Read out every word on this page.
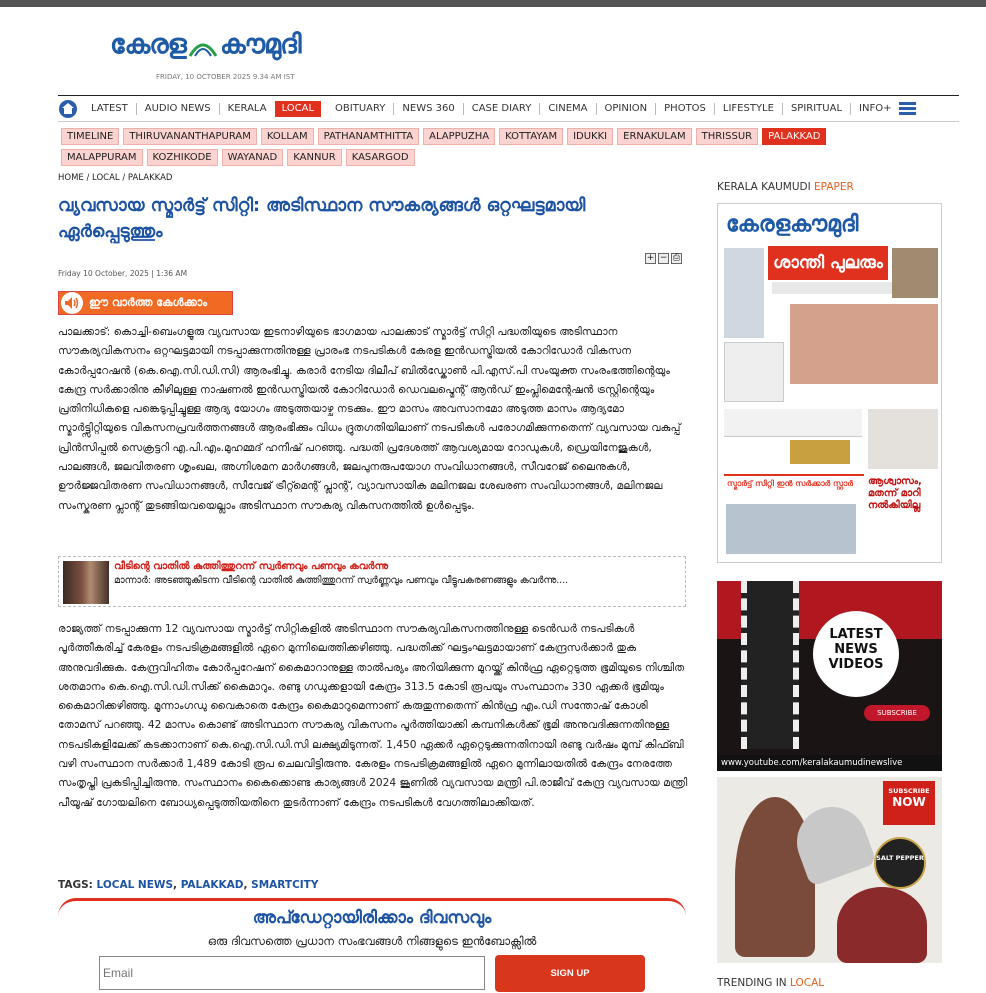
കേരള കൗമുദി
FRIDAY, 10 OCTOBER 2025 9.34 AM IST
LATEST	AUDIO NEWS	KERALA	LOCAL	OBITUARY	NEWS 360	CASE DIARY	CINEMA	OPINION	PHOTOS	LIFESTYLE	SPIRITUAL	INFO+
TIMELINE	THIRUVANANTHAPURAM	KOLLAM	PATHANAMTHITTA	ALAPPUZHA	KOTTAYAM	IDUKKI	ERNAKULAM	THRISSUR	PALAKKAD
MALAPPURAM	KOZHIKODE	WAYANAD	KANNUR	KASARGOD
HOME / LOCAL / PALAKKAD
വ്യവസായ സ്മാർട്ട് സിറ്റി: അടിസ്ഥാന സൗകര്യങ്ങൾ ഒറ്റഘട്ടമായി ഏർപ്പെടുത്തും
Friday 10 October, 2025 | 1:36 AM
+ − ⎙
ഈ വാർത്ത കേൾക്കാം

പാലക്കാട്: കൊച്ചി-ബെംഗളൂരു വ്യവസായ ഇടനാഴിയുടെ ഭാഗമായ പാലക്കാട് സ്മാർട്ട് സിറ്റി പദ്ധതിയുടെ അടിസ്ഥാന സൗകര്യവികസനം ഒറ്റഘട്ടമായി നടപ്പാക്കുന്നതിനുള്ള പ്രാരംഭ നടപടികൾ കേരള ഇൻഡസ്ട്രിയൽ കോറിഡോർ വികസന കോർപ്പറേഷൻ (കെ.ഐ.സി.ഡി.സി) ആരംഭിച്ചു. കരാർ നേടിയ ദിലീപ് ബിൽഡ്കോൺ പി.എസ്.പി സംയുക്ത സംരംഭത്തിന്റെയും കേന്ദ്ര സർക്കാരിനു കീഴിലുള്ള നാഷണൽ ഇൻഡസ്ട്രിയൽ കോറിഡോർ ഡെവലപ്മെന്റ് ആൻഡ് ഇംപ്ലിമെന്റേഷൻ ട്രസ്റ്റിന്റെയും പ്രതിനിധികളെ പങ്കെടുപ്പിച്ചുള്ള ആദ്യ യോഗം അടുത്തയാഴ്ച നടക്കും. ഈ മാസം അവസാനമോ അടുത്ത മാസം ആദ്യമോ സ്മാർട്ട്സിറ്റിയുടെ വികസനപ്രവർത്തനങ്ങൾ ആരംഭിക്കും വിധം ദ്രുതഗതിയിലാണ് നടപടികൾ പരോഗമിക്കുന്നതെന്ന് വ്യവസായ വകുപ്പ് പ്രിൻസിപ്പൽ സെക്രട്ടറി എ.പി.എം.മുഹമ്മദ് ഹനീഷ് പറഞ്ഞു. പദ്ധതി പ്രദേശത്ത് ആവശ്യമായ റോഡുകൾ, ഡ്രെയിനേജുകൾ, പാലങ്ങൾ, ജലവിതരണ ശൃംഖല, അഗ്നിശമന മാർഗങ്ങൾ, ജലപുനരുപയോഗ സംവിധാനങ്ങൾ, സീവറേജ് ലൈനുകൾ, ഊർജ്ജവിതരണ സംവിധാനങ്ങൾ, സീവേജ് ട്രീറ്റ്മെന്റ് പ്ലാന്റ്, വ്യാവസായിക മലിനജല ശേഖരണ സംവിധാനങ്ങൾ, മലിനജല സംസ്കരണ പ്ലാന്റ് തുടങ്ങിയവയെല്ലാം അടിസ്ഥാന സൗകര്യ വികസനത്തിൽ ഉൾപ്പെടും.

വീടിന്റെ വാതിൽ കുത്തിത്തുറന്ന് സ്വർണവും പണവും കവർന്നു
മാന്നാർ: അടഞ്ഞുകിടന്ന വീടിന്റെ വാതിൽ കുത്തിത്തുറന്ന് സ്വർണ്ണവും പണവും വീട്ടുപകരണങ്ങളും കവർന്നു....

രാജ്യത്ത് നടപ്പാക്കുന്ന 12 വ്യവസായ സ്മാർട്ട് സിറ്റികളിൽ അടിസ്ഥാന സൗകര്യവികസനത്തിനുള്ള ടെൻഡർ നടപടികൾ പൂർത്തീകരിച്ച് കേരളം നടപടിക്രമങ്ങളിൽ ഏറെ മുന്നിലെത്തിക്കഴിഞ്ഞു. പദ്ധതിക്ക് ഘട്ടംഘട്ടമായാണ് കേന്ദ്രസർക്കാർ തുക അനുവദിക്കുക. കേന്ദ്രവിഹിതം കോർപ്പറേഷന് കൈമാറാനുള്ള താൽപര്യം അറിയിക്കുന്ന മുറയ്ക്ക് കിൻഫ്ര ഏറ്റെടുത്ത ഭൂമിയുടെ നിശ്ചിത ശതമാനം കെ.ഐ.സി.ഡി.സിക്ക് കൈമാറും. രണ്ടു ഗഡുക്കളായി കേന്ദ്രം 313.5 കോടി രൂപയും സംസ്ഥാനം 330 ഏക്കർ ഭൂമിയും കൈമാറിക്കഴിഞ്ഞു. മൂന്നാംഗഡു വൈകാതെ കേന്ദ്രം കൈമാറുമെന്നാണ് കരുതുന്നതെന്ന് കിൻഫ്ര എം.ഡി സന്തോഷ് കോശി തോമസ് പറഞ്ഞു. 42 മാസം കൊണ്ട് അടിസ്ഥാന സൗകര്യ വികസനം പൂർത്തിയാക്കി കമ്പനികൾക്ക് ഭൂമി അനുവദിക്കുന്നതിനുള്ള നടപടികളിലേക്ക് കടക്കാനാണ് കെ.ഐ.സി.ഡി.സി ലക്ഷ്യമിടുന്നത്. 1,450 ഏക്കർ ഏറ്റെടുക്കുന്നതിനായി രണ്ടു വർഷം മുമ്പ് കിഫ്ബി വഴി സംസ്ഥാന സർക്കാർ 1,489 കോടി രൂപ ചെലവിട്ടിരുന്നു. കേരളം നടപടിക്രമങ്ങളിൽ ഏറെ മുന്നിലായതിൽ കേന്ദ്രം നേരത്തേ സംതൃപ്തി പ്രകടിപ്പിച്ചിരുന്നു. സംസ്ഥാനം കൈക്കൊണ്ട കാര്യങ്ങൾ 2024 ജൂണിൽ വ്യവസായ മന്ത്രി പി.രാജീവ് കേന്ദ്ര വ്യവസായ മന്ത്രി പീയൂഷ് ഗോയലിനെ ബോധ്യപ്പെടുത്തിയതിനെ തുടർന്നാണ് കേന്ദ്രം നടപടികൾ വേഗത്തിലാക്കിയത്.

TAGS: LOCAL NEWS, PALAKKAD, SMARTCITY
അപ്ഡേറ്റായിരിക്കാം ദിവസവും
ഒരു ദിവസത്തെ പ്രധാന സംഭവങ്ങൾ നിങ്ങളുടെ ഇൻബോക്സിൽ
Email
SIGN UP
KERALA KAUMUDI EPAPER
കേരളകൗമുദി
ശാന്തി പുലരും
സ്മാർട്ട് സിറ്റി ഇൻ സർക്കാർ സ്റ്റാർ	ആശ്വാസം, മതന്ന് മാറി നൽകിയില്ല
LATEST NEWS VIDEOS
SUBSCRIBE
www.youtube.com/keralakaumudinewslive
SUBSCRIBE
NOW
SALT PEPPER
TRENDING IN LOCAL
